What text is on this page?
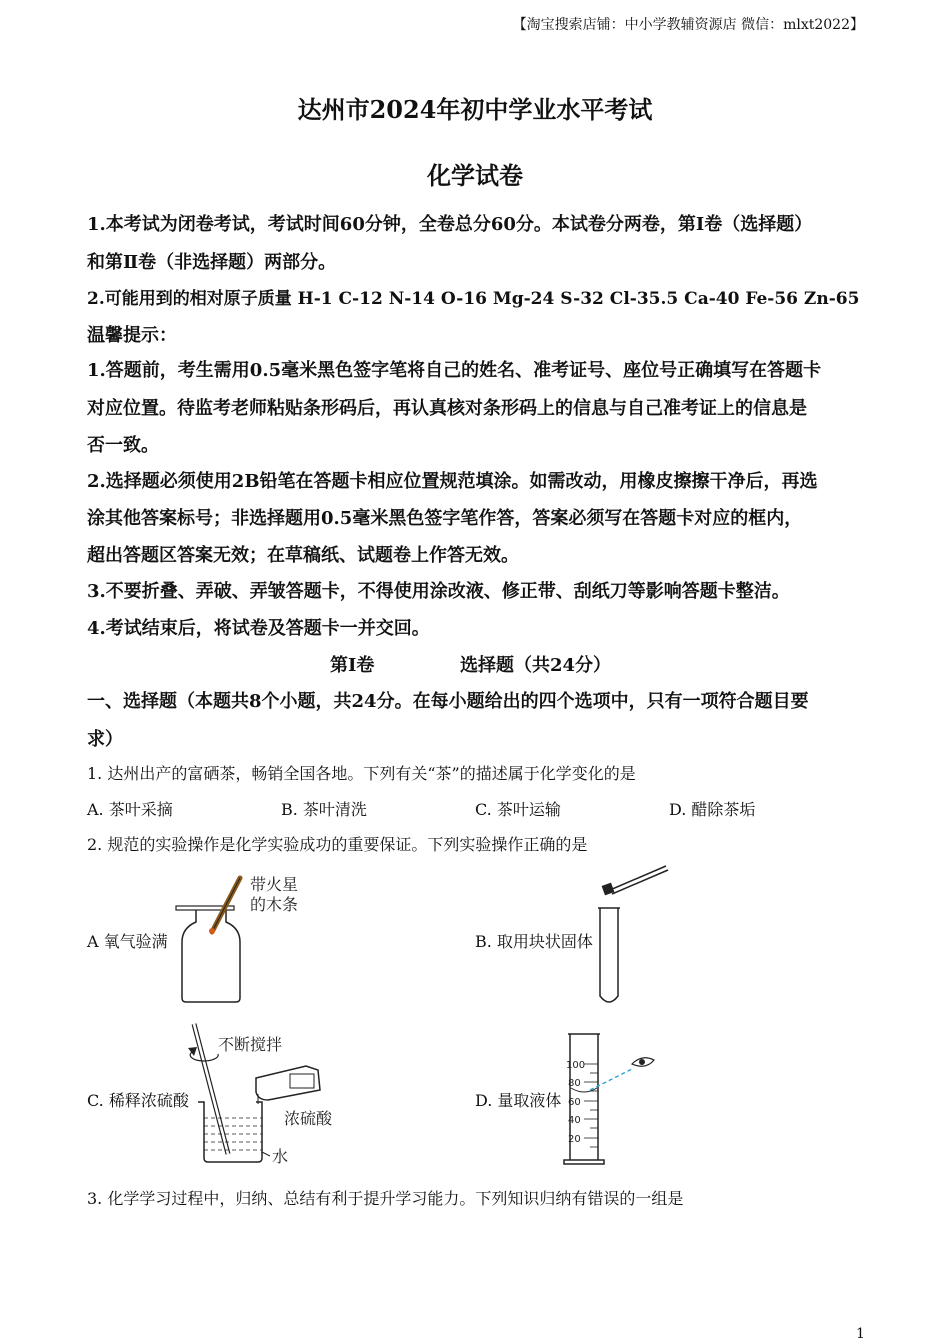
【淘宝搜索店铺：中小学教辅资源店 微信：mlxt2022】
达州市2024年初中学业水平考试
化学试卷
1.本考试为闭卷考试，考试时间60分钟，全卷总分60分。本试卷分两卷，第I卷（选择题）
和第Ⅱ卷（非选择题）两部分。
2.可能用到的相对原子质量 H-1 C-12 N-14 O-16 Mg-24 S-32 Cl-35.5 Ca-40 Fe-56 Zn-65
温馨提示：
1.答题前，考生需用0.5毫米黑色签字笔将自己的姓名、准考证号、座位号正确填写在答题卡
对应位置。待监考老师粘贴条形码后，再认真核对条形码上的信息与自己准考证上的信息是
否一致。
2.选择题必须使用2B铅笔在答题卡相应位置规范填涂。如需改动，用橡皮擦擦干净后，再选
涂其他答案标号；非选择题用0.5毫米黑色签字笔作答，答案必须写在答题卡对应的框内，
超出答题区答案无效；在草稿纸、试题卷上作答无效。
3.不要折叠、弄破、弄皱答题卡，不得使用涂改液、修正带、刮纸刀等影响答题卡整洁。
4.考试结束后，将试卷及答题卡一并交回。
第I卷	选择题（共24分）
一、选择题（本题共8个小题，共24分。在每小题给出的四个选项中，只有一项符合题目要
求）
1. 达州出产的富硒茶，畅销全国各地。下列有关“茶”的描述属于化学变化的是
A. 茶叶采摘	B. 茶叶清洗	C. 茶叶运输	D. 醋除茶垢
2. 规范的实验操作是化学实验成功的重要保证。下列实验操作正确的是
A 氧气验满	B. 取用块状固体
C. 稀释浓硫酸	D. 量取液体
带火星
的木条
不断搅拌
水
浓硫酸
100
80
60
40
20
3. 化学学习过程中，归纳、总结有利于提升学习能力。下列知识归纳有错误的一组是
1
